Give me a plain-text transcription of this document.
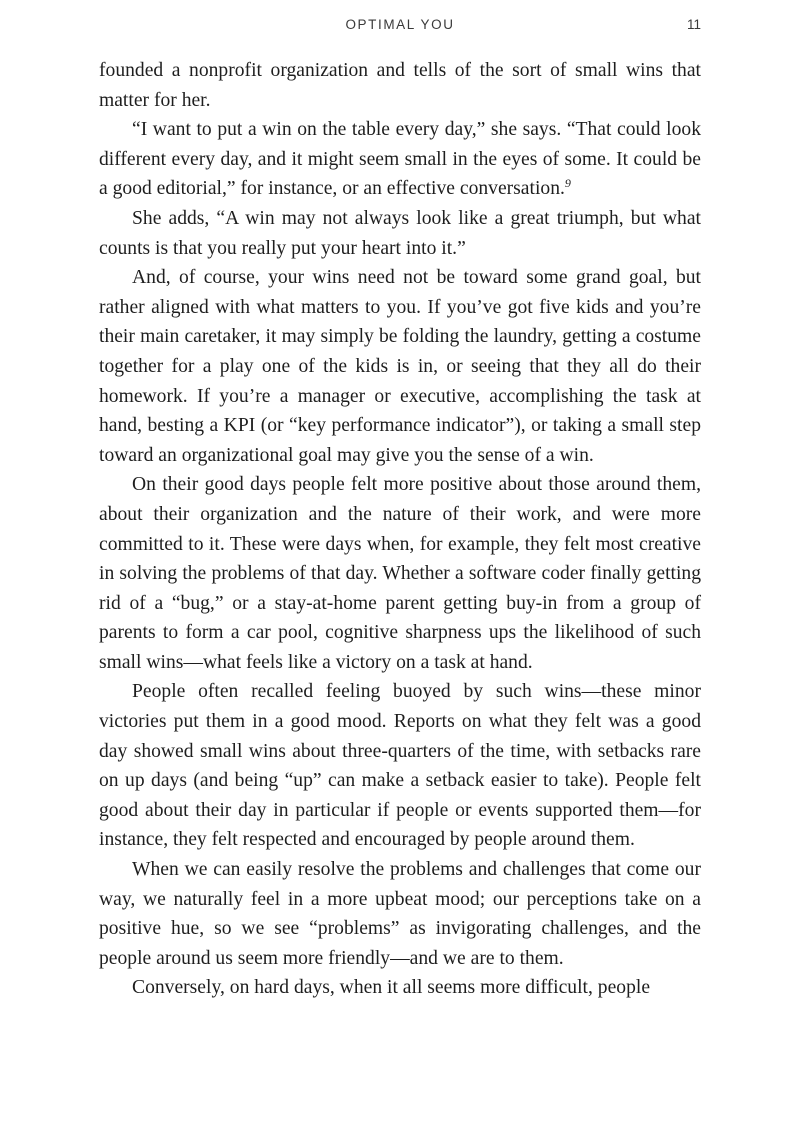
OPTIMAL YOU	11

founded a nonprofit organization and tells of the sort of small wins that matter for her.

“I want to put a win on the table every day,” she says. “That could look different every day, and it might seem small in the eyes of some. It could be a good editorial,” for instance, or an effective conversation.$^9$

She adds, “A win may not always look like a great triumph, but what counts is that you really put your heart into it.”

And, of course, your wins need not be toward some grand goal, but rather aligned with what matters to you. If you’ve got five kids and you’re their main caretaker, it may simply be folding the laundry, getting a costume together for a play one of the kids is in, or seeing that they all do their homework. If you’re a manager or executive, accomplishing the task at hand, besting a KPI (or “key performance indicator”), or taking a small step toward an organizational goal may give you the sense of a win.

On their good days people felt more positive about those around them, about their organization and the nature of their work, and were more committed to it. These were days when, for example, they felt most creative in solving the problems of that day. Whether a software coder finally getting rid of a “bug,” or a stay-at-home parent getting buy-in from a group of parents to form a car pool, cognitive sharpness ups the likelihood of such small wins—what feels like a victory on a task at hand.

People often recalled feeling buoyed by such wins—these minor victories put them in a good mood. Reports on what they felt was a good day showed small wins about three-quarters of the time, with setbacks rare on up days (and being “up” can make a setback easier to take). People felt good about their day in particular if people or events supported them—for instance, they felt respected and encouraged by people around them.

When we can easily resolve the problems and challenges that come our way, we naturally feel in a more upbeat mood; our perceptions take on a positive hue, so we see “problems” as invigorating challenges, and the people around us seem more friendly—and we are to them.

Conversely, on hard days, when it all seems more difficult, people
